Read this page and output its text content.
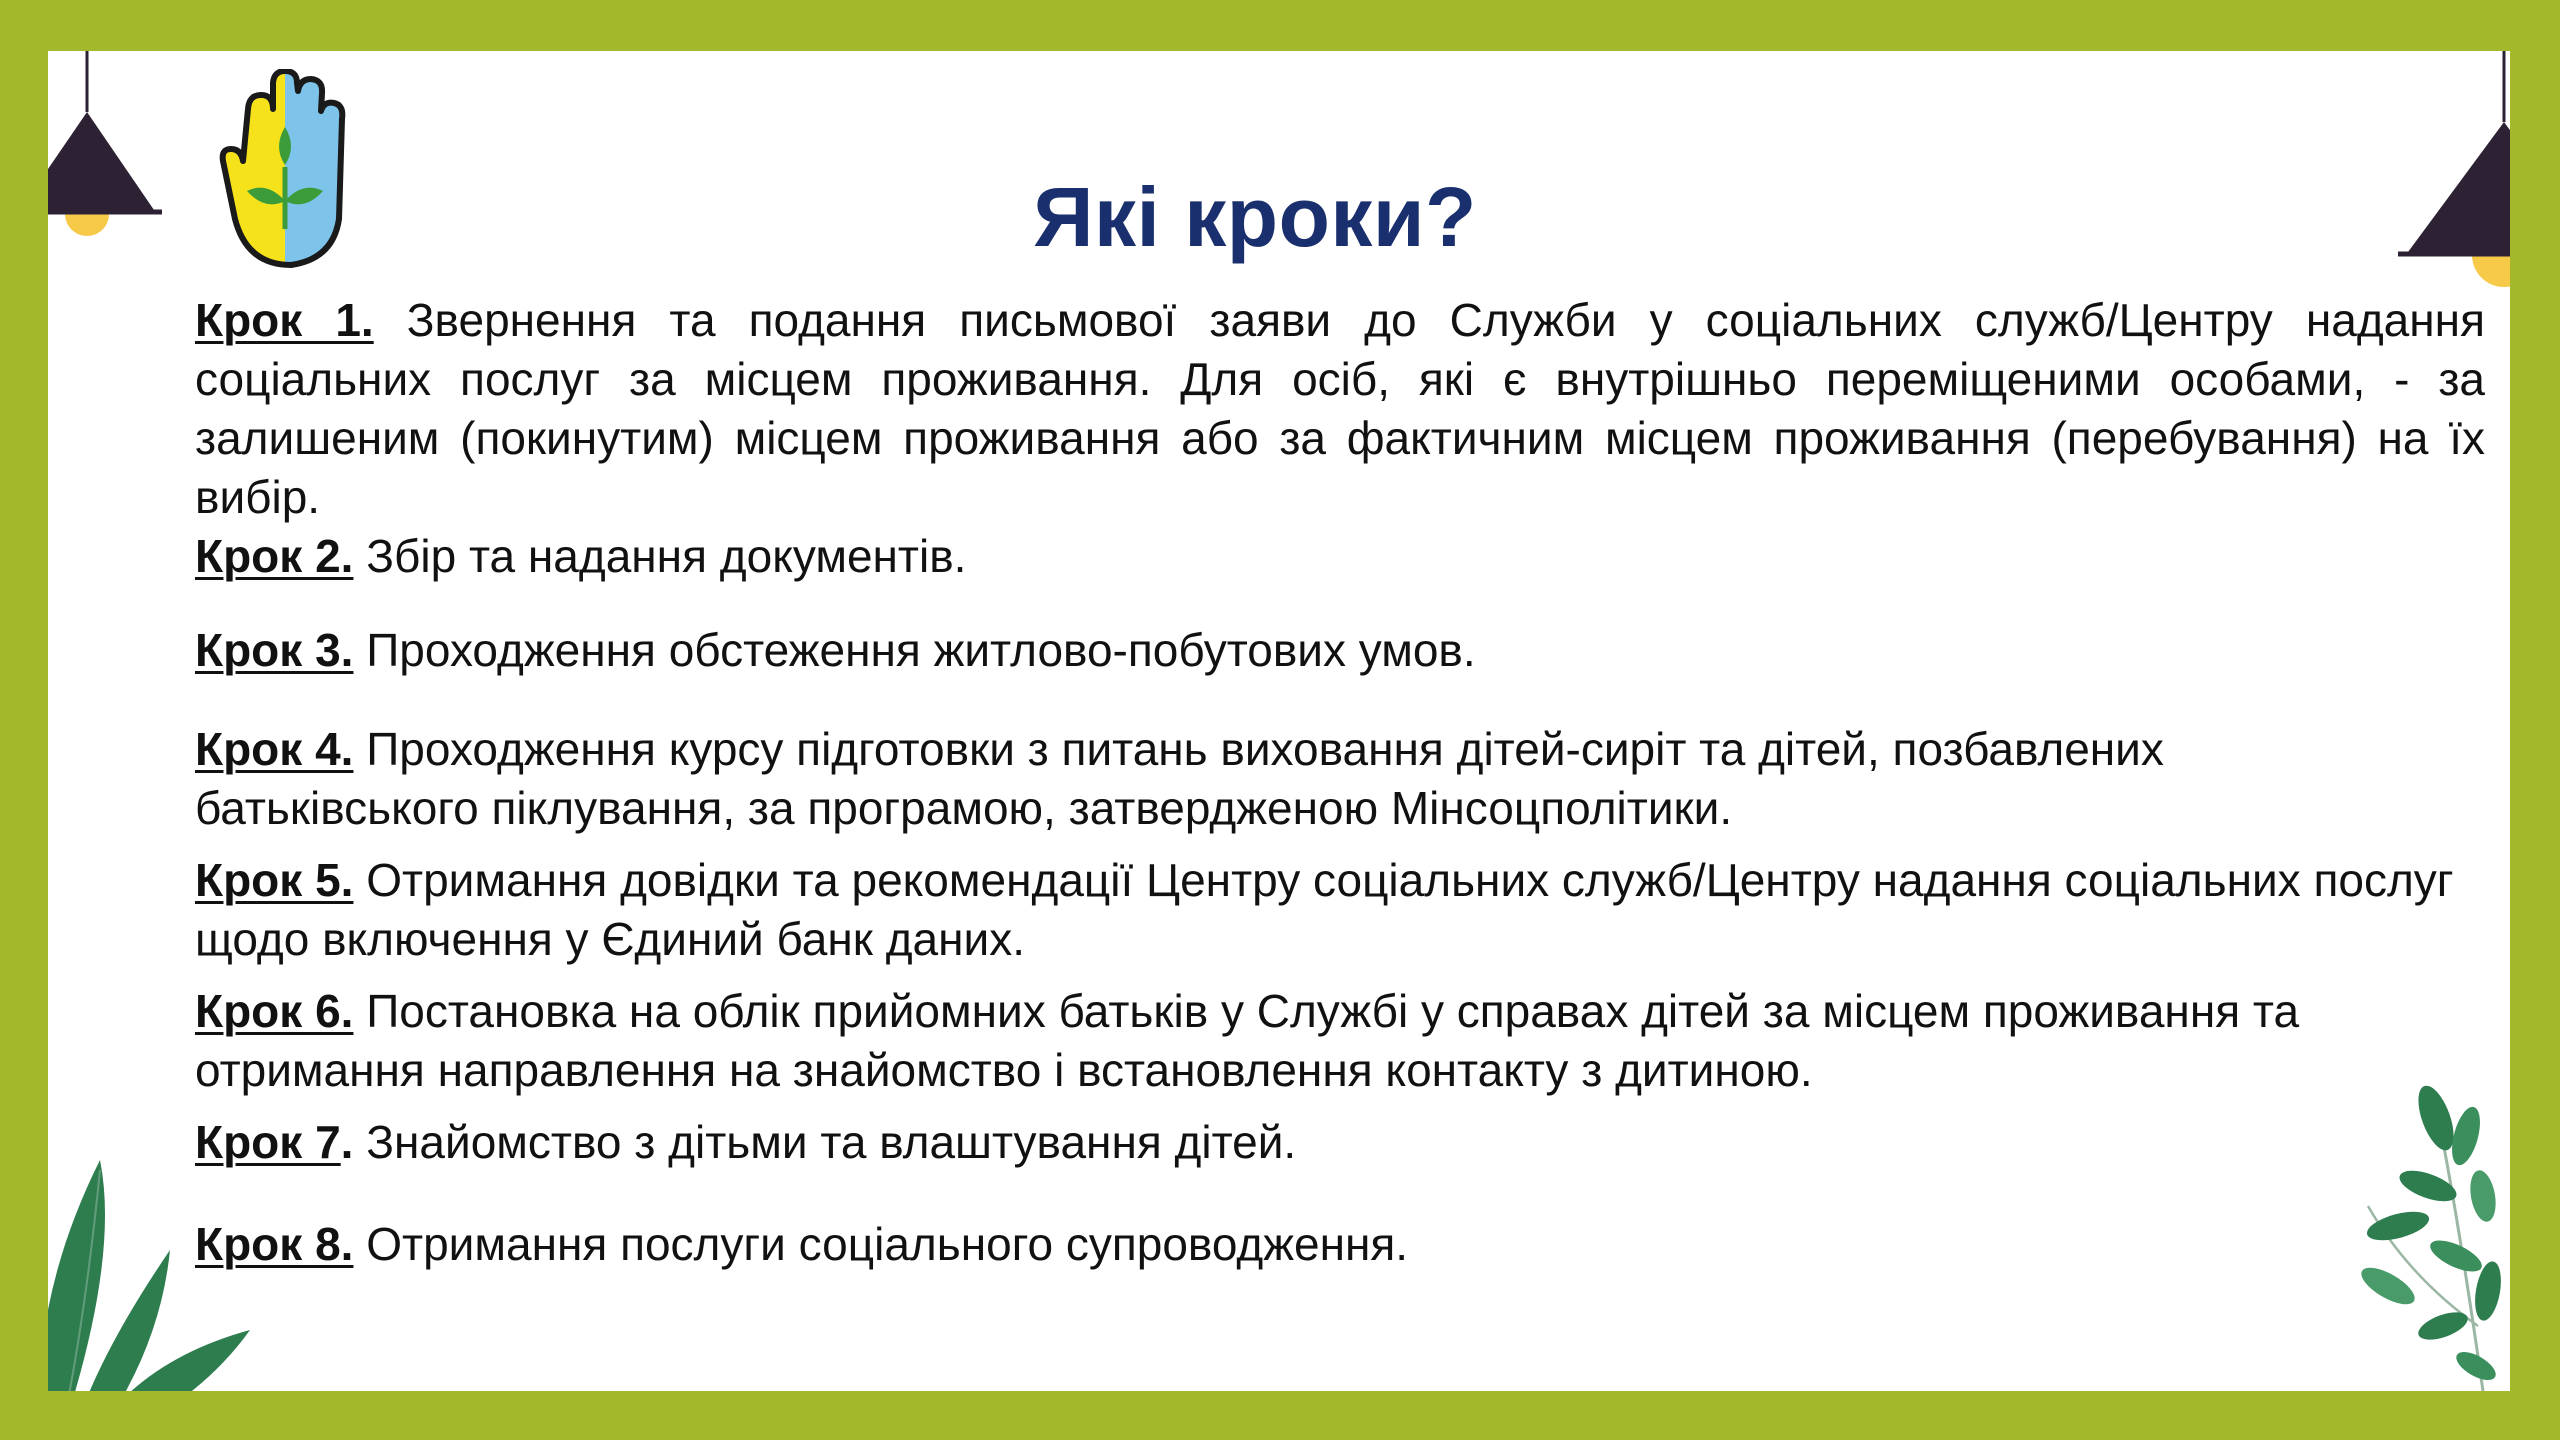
Які кроки?

Крок 1. Звернення та подання письмової заяви до Служби у соціальних служб/Центру надання соціальних послуг за місцем проживання. Для осіб, які є внутрішньо переміщеними особами, - за залишеним (покинутим) місцем проживання або за фактичним місцем проживання (перебування) на їх вибір.

Крок 2. Збір та надання документів.

Крок 3. Проходження обстеження житлово-побутових умов.

Крок 4. Проходження курсу підготовки з питань виховання дітей-сиріт та дітей, позбавлених батьківського піклування, за програмою, затвердженою Мінсоцполітики.

Крок 5. Отримання довідки та рекомендації Центру соціальних служб/Центру надання соціальних послуг щодо включення у Єдиний банк даних.

Крок 6. Постановка на облік прийомних батьків у Службі у справах дітей за місцем проживання та отримання направлення на знайомство і встановлення контакту з дитиною.

Крок 7. Знайомство з дітьми та влаштування дітей.

Крок 8. Отримання послуги соціального супроводження.
